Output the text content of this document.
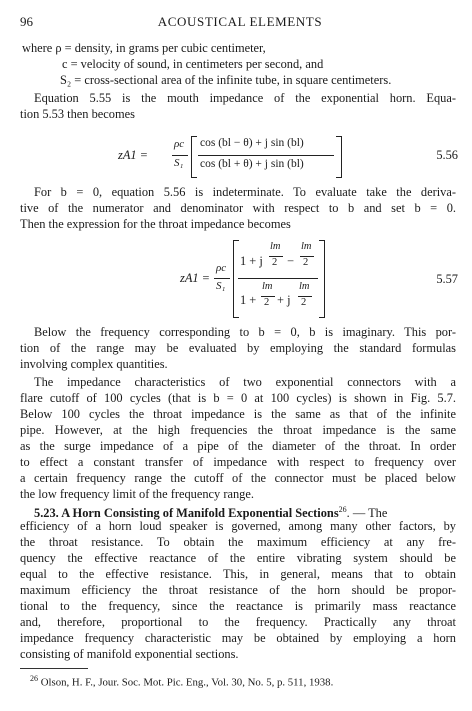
96	ACOUSTICAL ELEMENTS
where ρ = density, in grams per cubic centimeter,
c = velocity of sound, in centimeters per second, and
S₂ = cross-sectional area of the infinite tube, in square centimeters.
Equation 5.55 is the mouth impedance of the exponential horn. Equa-
tion 5.53 then becomes
zA1 =
ρc
S₁
cos (bl − θ) + j sin (bl)
cos (bl + θ) + j sin (bl)
5.56
For b = 0, equation 5.56 is indeterminate. To evaluate take the deriva-
tive of the numerator and denominator with respect to b and set b = 0.
Then the expression for the throat impedance becomes
zA1 =
ρc
S₁
1 + j
lm
2 −
lm
2
1 +
lm
2 + j
lm
2
5.57
Below the frequency corresponding to b = 0, b is imaginary. This por-
tion of the range may be evaluated by employing the standard formulas
involving complex quantities.
The impedance characteristics of two exponential connectors with a
flare cutoff of 100 cycles (that is b = 0 at 100 cycles) is shown in Fig. 5.7.
Below 100 cycles the throat impedance is the same as that of the infinite
pipe. However, at the high frequencies the throat impedance is the same
as the surge impedance of a pipe of the diameter of the throat. In order
to effect a constant transfer of impedance with respect to frequency over
a certain frequency range the cutoff of the connector must be placed below
the low frequency limit of the frequency range.
5.23. A Horn Consisting of Manifold Exponential Sections$^{26}$. — The
efficiency of a horn loud speaker is governed, among many other factors, by
the throat resistance. To obtain the maximum efficiency at any fre-
quency the effective reactance of the entire vibrating system should be
equal to the effective resistance. This, in general, means that to obtain
maximum efficiency the throat resistance of the horn should be propor-
tional to the frequency, since the reactance is primarily mass reactance
and, therefore, proportional to the frequency. Practically any throat
impedance frequency characteristic may be obtained by employing a horn
consisting of manifold exponential sections.
$^{26}$ Olson, H. F., Jour. Soc. Mot. Pic. Eng., Vol. 30, No. 5, p. 511, 1938.
